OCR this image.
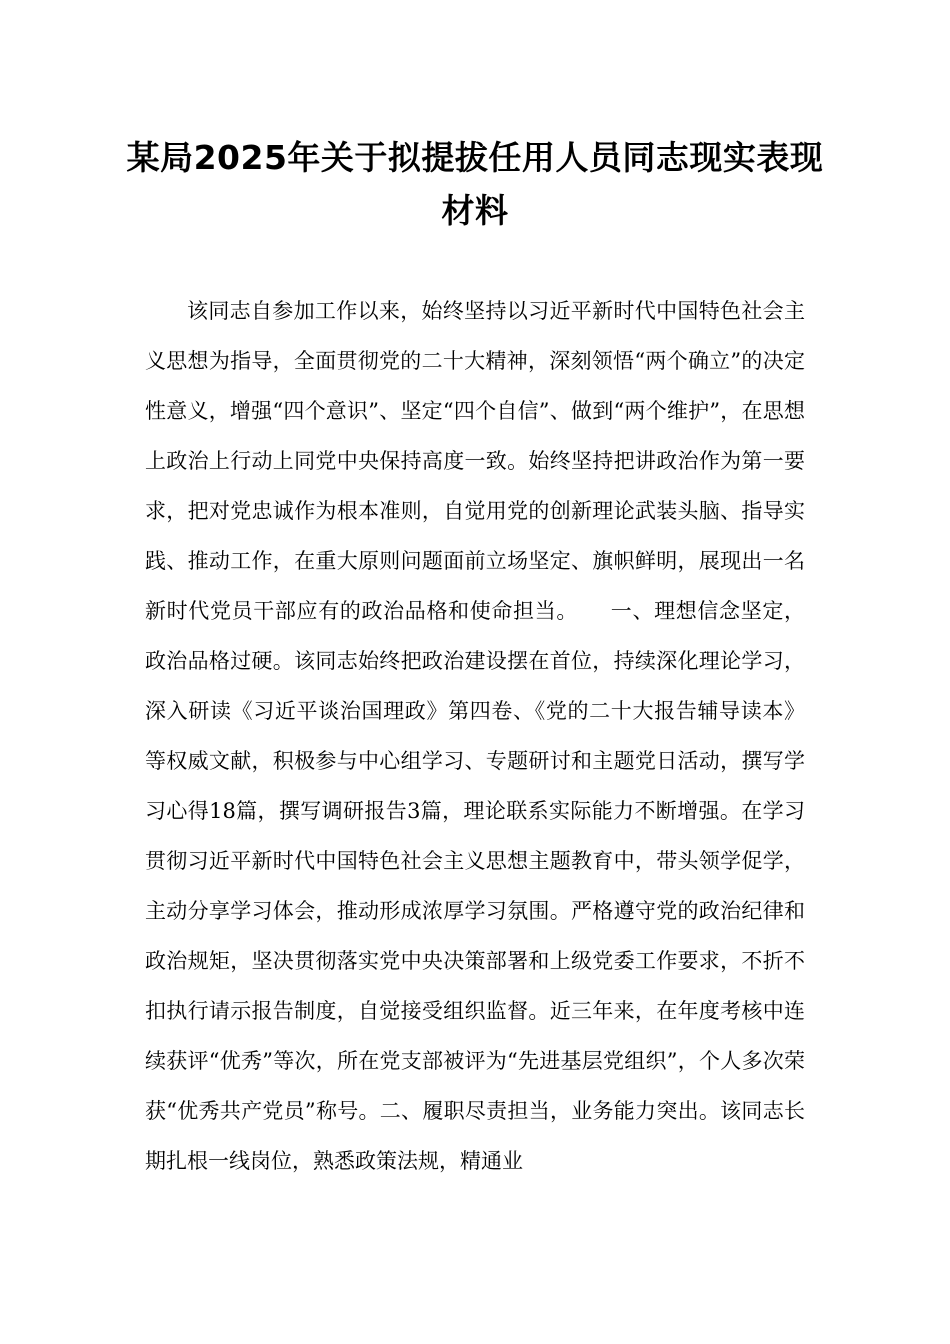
某局2025年关于拟提拔任用人员同志现实表现材料

该同志自参加工作以来，始终坚持以习近平新时代中国特色社会主义思想为指导，全面贯彻党的二十大精神，深刻领悟“两个确立”的决定性意义，增强“四个意识”、坚定“四个自信”、做到“两个维护”，在思想上政治上行动上同党中央保持高度一致。始终坚持把讲政治作为第一要求，把对党忠诚作为根本准则，自觉用党的创新理论武装头脑、指导实践、推动工作，在重大原则问题面前立场坚定、旗帜鲜明，展现出一名新时代党员干部应有的政治品格和使命担当。　　一、理想信念坚定，政治品格过硬。该同志始终把政治建设摆在首位，持续深化理论学习，深入研读《习近平谈治国理政》第四卷、《党的二十大报告辅导读本》等权威文献，积极参与中心组学习、专题研讨和主题党日活动，撰写学习心得18篇，撰写调研报告3篇，理论联系实际能力不断增强。在学习贯彻习近平新时代中国特色社会主义思想主题教育中，带头领学促学，主动分享学习体会，推动形成浓厚学习氛围。严格遵守党的政治纪律和政治规矩，坚决贯彻落实党中央决策部署和上级党委工作要求，不折不扣执行请示报告制度，自觉接受组织监督。近三年来，在年度考核中连续获评“优秀”等次，所在党支部被评为“先进基层党组织”，个人多次荣获“优秀共产党员”称号。二、履职尽责担当，业务能力突出。该同志长期扎根一线岗位，熟悉政策法规，精通业
